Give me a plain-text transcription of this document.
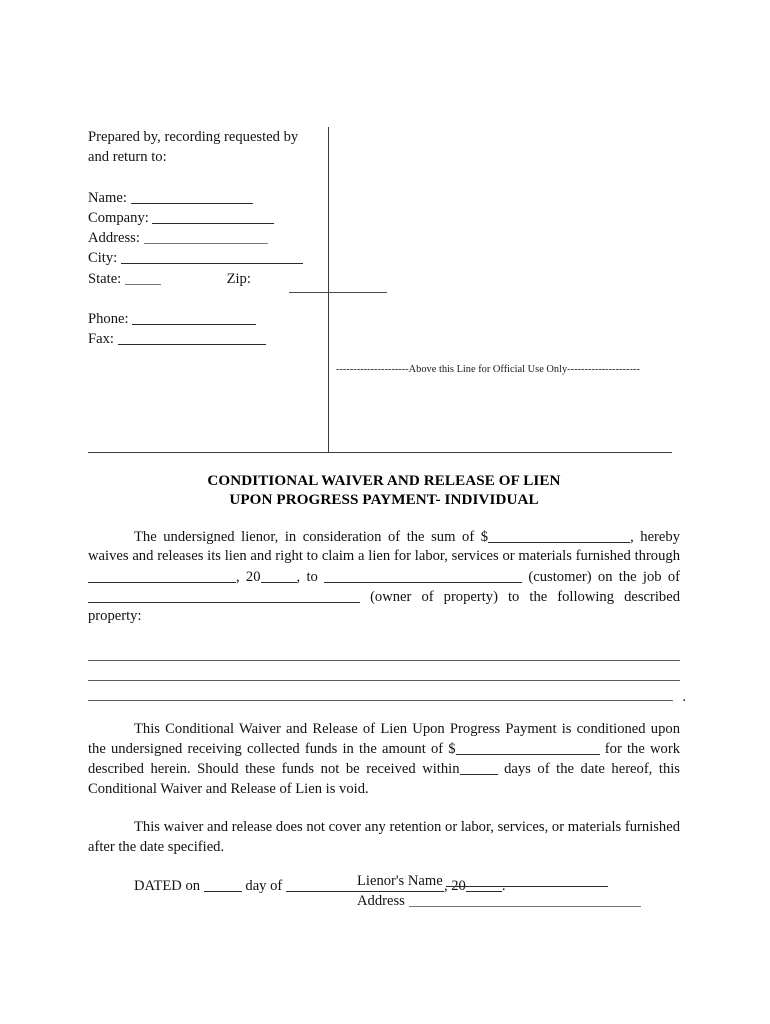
Prepared by, recording requested by
and return to:
Name:
Company:
Address:
City:
State:	Zip:
Phone:
Fax:
---------------------Above this Line for Official Use Only---------------------
CONDITIONAL WAIVER AND RELEASE OF LIEN
UPON PROGRESS PAYMENT- INDIVIDUAL

The undersigned lienor, in consideration of the sum of $	, hereby waives and releases its lien and right to claim a lien for labor, services or materials furnished through , 20 , to	(customer) on the job of  (owner of property) to the following described property:

.

This Conditional Waiver and Release of Lien Upon Progress Payment is conditioned upon the undersigned receiving collected funds in the amount of $	for the work described herein. Should these funds not be received within	days of the date hereof, this Conditional Waiver and Release of Lien is void.

This waiver and release does not cover any retention or labor, services, or materials furnished after the date specified.

DATED on	day of	, 20 .

Lienor's Name
Address
